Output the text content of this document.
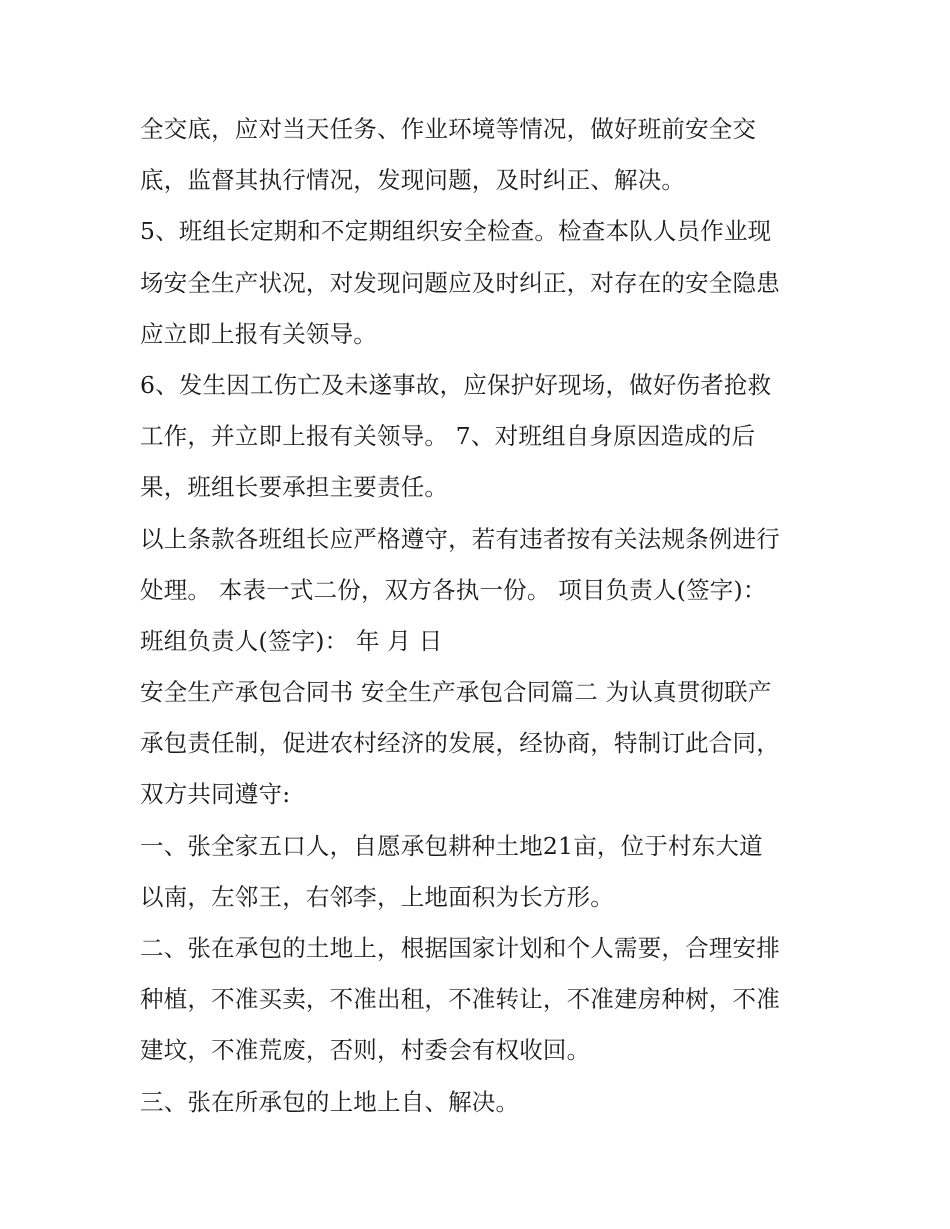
全交底，应对当天任务、作业环境等情况，做好班前安全交
底，监督其执行情况，发现问题，及时纠正、解决。
5、班组长定期和不定期组织安全检查。检查本队人员作业现
场安全生产状况，对发现问题应及时纠正，对存在的安全隐患
应立即上报有关领导。
6、发生因工伤亡及未遂事故，应保护好现场，做好伤者抢救
工作，并立即上报有关领导。 7、对班组自身原因造成的后
果，班组长要承担主要责任。
以上条款各班组长应严格遵守，若有违者按有关法规条例进行
处理。 本表一式二份，双方各执一份。 项目负责人(签字)：
班组负责人(签字)： 年 月 日
安全生产承包合同书 安全生产承包合同篇二 为认真贯彻联产
承包责任制，促进农村经济的发展，经协商，特制订此合同，
双方共同遵守:
一、张全家五口人，自愿承包耕种土地21亩，位于村东大道
以南，左邻王，右邻李，上地面积为长方形。
二、张在承包的土地上，根据国家计划和个人需要，合理安排
种植，不准买卖，不准出租，不准转让，不准建房种树，不准
建坟，不准荒废，否则，村委会有权收回。
三、张在所承包的上地上自、解决。
